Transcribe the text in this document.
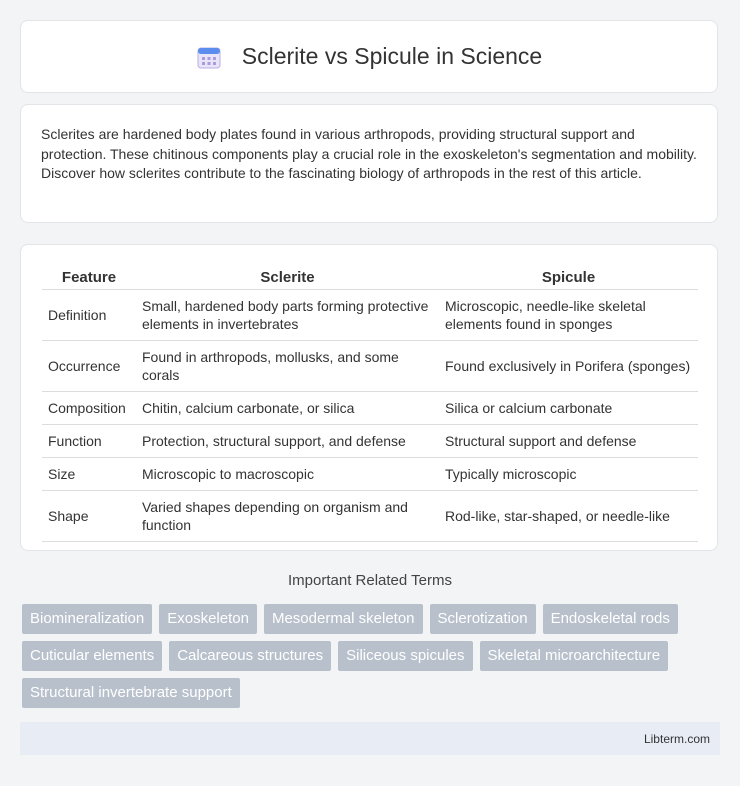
Sclerite vs Spicule in Science

Sclerites are hardened body plates found in various arthropods, providing structural support and protection. These chitinous components play a crucial role in the exoskeleton's segmentation and mobility. Discover how sclerites contribute to the fascinating biology of arthropods in the rest of this article.

Feature	Sclerite	Spicule
Definition	Small, hardened body parts forming protective elements in invertebrates	Microscopic, needle-like skeletal elements found in sponges
Occurrence	Found in arthropods, mollusks, and some corals	Found exclusively in Porifera (sponges)
Composition	Chitin, calcium carbonate, or silica	Silica or calcium carbonate
Function	Protection, structural support, and defense	Structural support and defense
Size	Microscopic to macroscopic	Typically microscopic
Shape	Varied shapes depending on organism and function	Rod-like, star-shaped, or needle-like
Important Related Terms
Biomineralization	Exoskeleton	Mesodermal skeleton	Sclerotization	Endoskeletal rods
Cuticular elements	Calcareous structures	Siliceous spicules	Skeletal microarchitecture
Structural invertebrate support
Libterm.com
